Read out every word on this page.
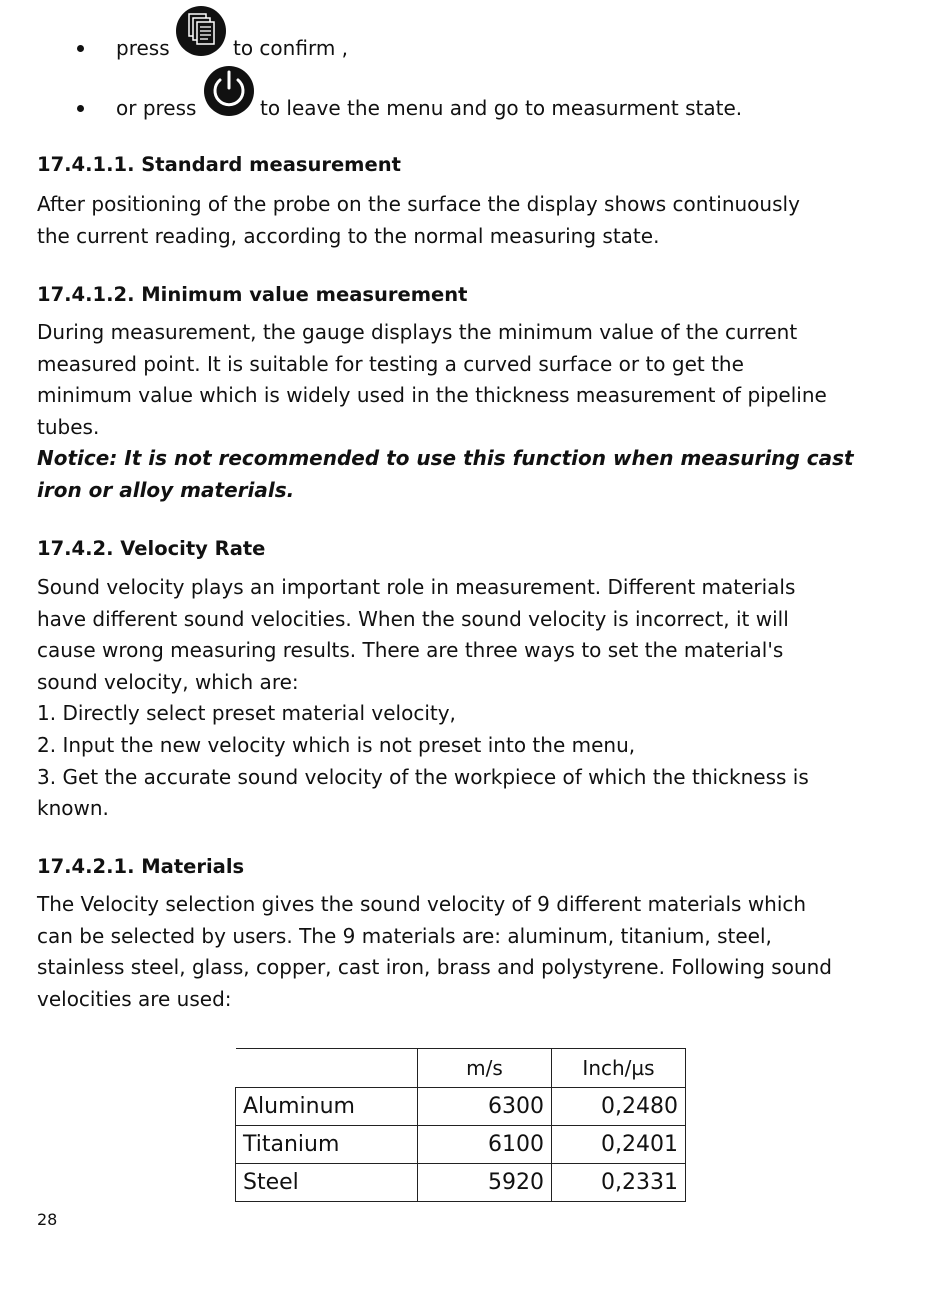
press	to confirm ,
or press	to leave the menu and go to measurment state.
17.4.1.1. Standard measurement
After positioning of the probe on the surface the display shows continuously
the current reading, according to the normal measuring state.
17.4.1.2. Minimum value measurement
During measurement, the gauge displays the minimum value of the current
measured point. It is suitable for testing a curved surface or to get the
minimum value which is widely used in the thickness measurement of pipeline
tubes.
Notice: It is not recommended to use this function when measuring cast
iron or alloy materials.
17.4.2. Velocity Rate
Sound velocity plays an important role in measurement. Different materials
have different sound velocities. When the sound velocity is incorrect, it will
cause wrong measuring results. There are three ways to set the material's
sound velocity, which are:
1. Directly select preset material velocity,
2. Input the new velocity which is not preset into the menu,
3. Get the accurate sound velocity of the workpiece of which the thickness is
known.
17.4.2.1. Materials
The Velocity selection gives the sound velocity of 9 different materials which
can be selected by users. The 9 materials are: aluminum, titanium, steel,
stainless steel, glass, copper, cast iron, brass and polystyrene. Following sound
velocities are used:
	m/s	Inch/µs
Aluminum	6300	0,2480
Titanium	6100	0,2401
Steel	5920	0,2331
28
